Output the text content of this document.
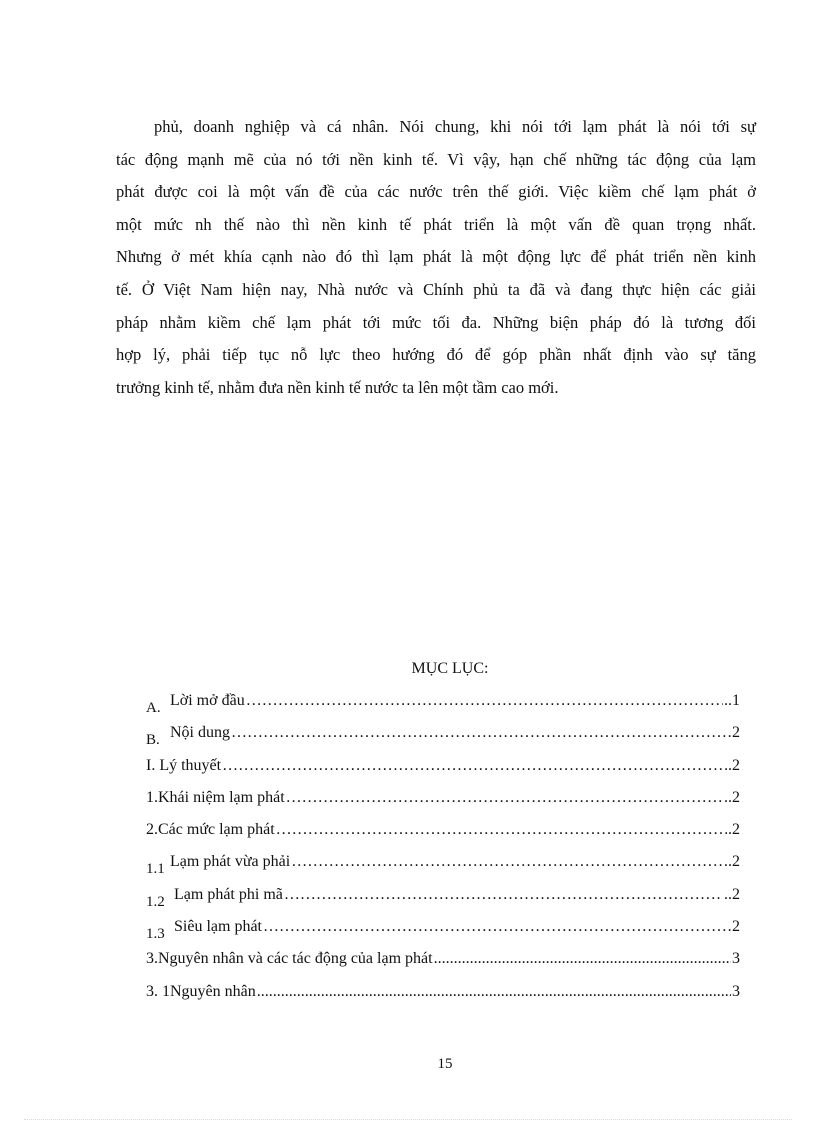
phủ, doanh nghiệp và cá nhân. Nói chung, khi nói tới lạm phát là nói tới sự
tác động mạnh mẽ của nó tới nền kinh tế. Vì vậy, hạn chế những tác động của lạm
phát được coi là một vấn đề của các nước trên thế giới. Việc kiềm chế lạm phát ở
một mức nh thế nào thì nền kinh tế phát triển là một vấn đề quan trọng nhất.
Nhưng ở mét khía cạnh nào đó thì lạm phát là một động lực để phát triển nền kinh
tế. Ở Việt Nam hiện nay, Nhà nước và Chính phủ ta đã và đang thực hiện các giải
pháp nhằm kiềm chế lạm phát tới mức tối đa. Những biện pháp đó là tương đối
hợp lý, phải tiếp tục nỗ lực theo hướng đó để góp phần nhất định vào sự tăng
trưởng kinh tế, nhằm đưa nền kinh tế nước ta lên một tầm cao mới.
MỤC LỤC:
A. Lời mở đầu …………………………………………………………………………………………………………………………………………………	..1
B. Nội dung …………………………………………………………………………………………………………………………………………………	2
I. Lý thuyết …………………………………………………………………………………………………………………………………………………	.2
1.Khái niệm lạm phát …………………………………………………………………………………………………………………………………………………	..2
2.Các mức lạm phát …………………………………………………………………………………………………………………………………………………	.2
1.1 Lạm phát vừa phải …………………………………………………………………………………………………………………………………………………	.2
1.2 Lạm phát phi mã …………………………………………………………………………………………………………………………………………………	..2
1.3 Siêu lạm phát …………………………………………………………………………………………………………………………………………………	2
3.Nguyên nhân và các tác động của lạm phát .....	3
3. 1Nguyên nhân .....	3
15
